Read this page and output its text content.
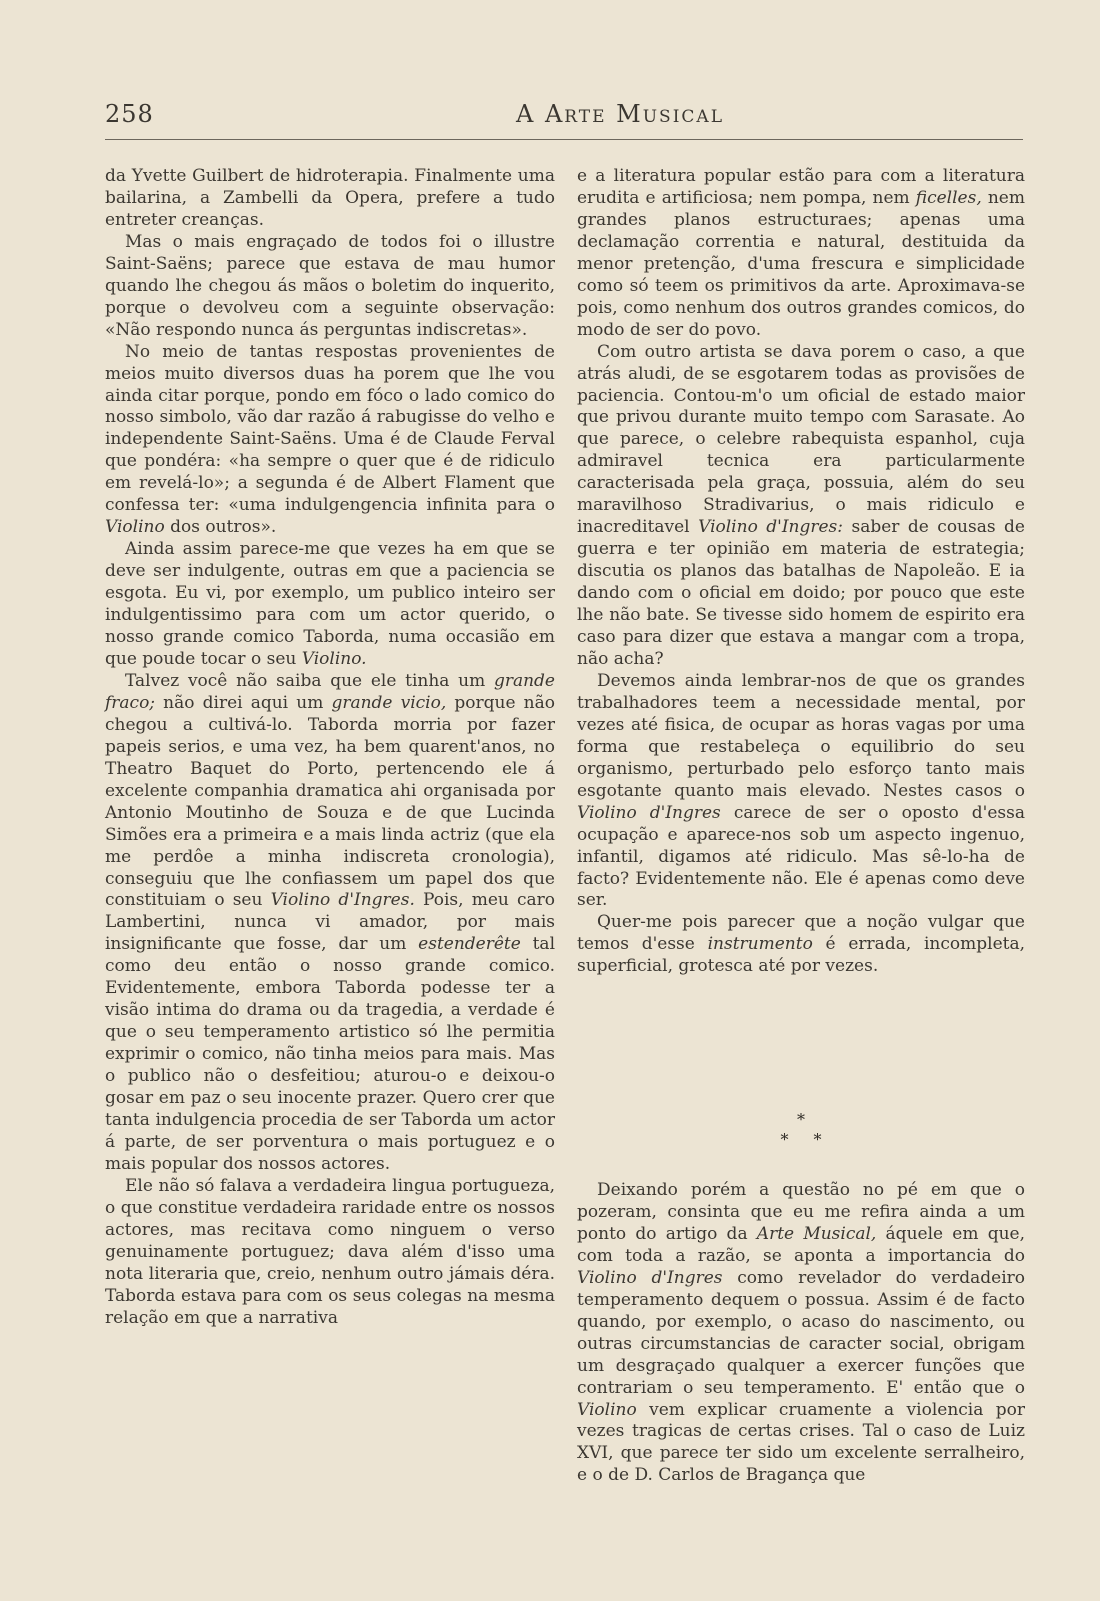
258	A Arte Musical

da Yvette Guilbert de hidroterapia. Finalmente uma bailarina, a Zambelli da Opera, prefere a tudo entreter creanças.

Mas o mais engraçado de todos foi o illustre Saint-Saëns; parece que estava de mau humor quando lhe chegou ás mãos o boletim do inquerito, porque o devolveu com a seguinte observação: «Não respondo nunca ás perguntas indiscretas».

No meio de tantas respostas provenientes de meios muito diversos duas ha porem que lhe vou ainda citar porque, pondo em fóco o lado comico do nosso simbolo, vão dar razão á rabugisse do velho e independente Saint-Saëns. Uma é de Claude Ferval que pondéra: «ha sempre o quer que é de ridiculo em revelá-lo»; a segunda é de Albert Flament que confessa ter: «uma indulgengencia infinita para o Violino dos outros».

Ainda assim parece-me que vezes ha em que se deve ser indulgente, outras em que a paciencia se esgota. Eu vi, por exemplo, um publico inteiro ser indulgentissimo para com um actor querido, o nosso grande comico Taborda, numa occasião em que poude tocar o seu Violino.

Talvez você não saiba que ele tinha um grande fraco; não direi aqui um grande vicio, porque não chegou a cultivá-lo. Taborda morria por fazer papeis serios, e uma vez, ha bem quarent'anos, no Theatro Baquet do Porto, pertencendo ele á excelente companhia dramatica ahi organisada por Antonio Moutinho de Souza e de que Lucinda Simões era a primeira e a mais linda actriz (que ela me perdôe a minha indiscreta cronologia), conseguiu que lhe confiassem um papel dos que constituiam o seu Violino d'Ingres. Pois, meu caro Lambertini, nunca vi amador, por mais insignificante que fosse, dar um estenderête tal como deu então o nosso grande comico. Evidentemente, embora Taborda podesse ter a visão intima do drama ou da tragedia, a verdade é que o seu temperamento artistico só lhe permitia exprimir o comico, não tinha meios para mais. Mas o publico não o desfeitiou; aturou-o e deixou-o gosar em paz o seu inocente prazer. Quero crer que tanta indulgencia procedia de ser Taborda um actor á parte, de ser porventura o mais portuguez e o mais popular dos nossos actores.

Ele não só falava a verdadeira lingua portugueza, o que constitue verdadeira raridade entre os nossos actores, mas recitava como ninguem o verso genuinamente portuguez; dava além d'isso uma nota literaria que, creio, nenhum outro jámais déra. Taborda estava para com os seus colegas na mesma relação em que a narrativa

e a literatura popular estão para com a literatura erudita e artificiosa; nem pompa, nem ficelles, nem grandes planos estructuraes; apenas uma declamação correntia e natural, destituida da menor pretenção, d'uma frescura e simplicidade como só teem os primitivos da arte. Aproximava-se pois, como nenhum dos outros grandes comicos, do modo de ser do povo.

Com outro artista se dava porem o caso, a que atrás aludi, de se esgotarem todas as provisões de paciencia. Contou-m'o um oficial de estado maior que privou durante muito tempo com Sarasate. Ao que parece, o celebre rabequista espanhol, cuja admiravel tecnica era particularmente caracterisada pela graça, possuia, além do seu maravilhoso Stradivarius, o mais ridiculo e inacreditavel Violino d'Ingres: saber de cousas de guerra e ter opinião em materia de estrategia; discutia os planos das batalhas de Napoleão. E ia dando com o oficial em doido; por pouco que este lhe não bate. Se tivesse sido homem de espirito era caso para dizer que estava a mangar com a tropa, não acha?

Devemos ainda lembrar-nos de que os grandes trabalhadores teem a necessidade mental, por vezes até fisica, de ocupar as horas vagas por uma forma que restabeleça o equilibrio do seu organismo, perturbado pelo esforço tanto mais esgotante quanto mais elevado. Nestes casos o Violino d'Ingres carece de ser o oposto d'essa ocupação e aparece-nos sob um aspecto ingenuo, infantil, digamos até ridiculo. Mas sê-lo-ha de facto? Evidentemente não. Ele é apenas como deve ser.

Quer-me pois parecer que a noção vulgar que temos d'esse instrumento é errada, incompleta, superficial, grotesca até por vezes.

*
* *

Deixando porém a questão no pé em que o pozeram, consinta que eu me refira ainda a um ponto do artigo da Arte Musical, áquele em que, com toda a razão, se aponta a importancia do Violino d'Ingres como revelador do verdadeiro temperamento dequem o possua. Assim é de facto quando, por exemplo, o acaso do nascimento, ou outras circumstancias de caracter social, obrigam um desgraçado qualquer a exercer funções que contrariam o seu temperamento. E' então que o Violino vem explicar cruamente a violencia por vezes tragicas de certas crises. Tal o caso de Luiz XVI, que parece ter sido um excelente serralheiro, e o de D. Carlos de Bragança que
